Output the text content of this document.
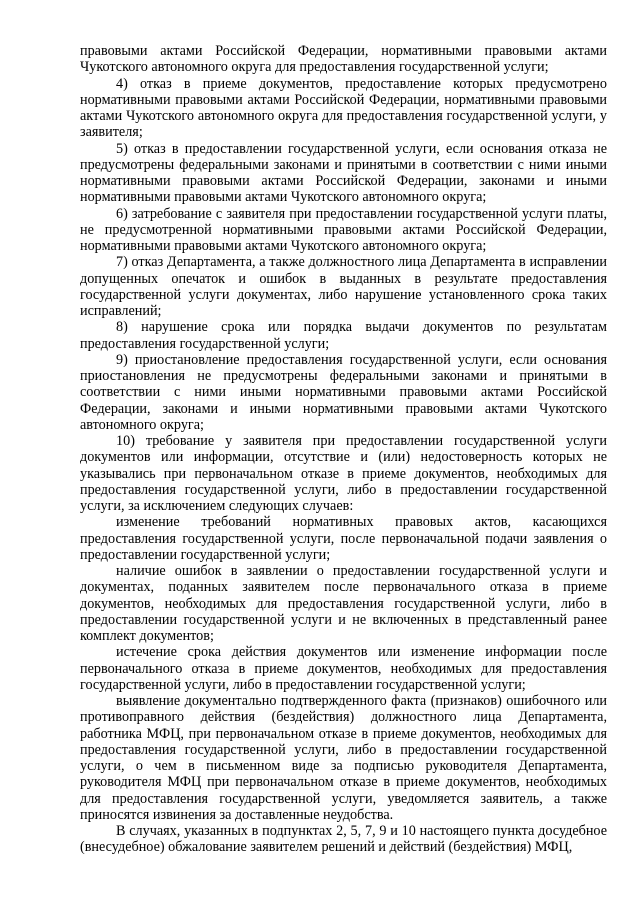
правовыми актами Российской Федерации, нормативными правовыми актами Чукотского автономного округа для предоставления государственной услуги;

4) отказ в приеме документов, предоставление которых предусмотрено нормативными правовыми актами Российской Федерации, нормативными правовыми актами Чукотского автономного округа для предоставления государственной услуги, у заявителя;

5) отказ в предоставлении государственной услуги, если основания отказа не предусмотрены федеральными законами и принятыми в соответствии с ними иными нормативными правовыми актами Российской Федерации, законами и иными нормативными правовыми актами Чукотского автономного округа;

6) затребование с заявителя при предоставлении государственной услуги платы, не предусмотренной нормативными правовыми актами Российской Федерации, нормативными правовыми актами Чукотского автономного округа;

7) отказ Департамента, а также должностного лица Департамента в исправлении допущенных опечаток и ошибок в выданных в результате предоставления государственной услуги документах, либо нарушение установленного срока таких исправлений;

8) нарушение срока или порядка выдачи документов по результатам предоставления государственной услуги;

9) приостановление предоставления государственной услуги, если основания приостановления не предусмотрены федеральными законами и принятыми в соответствии с ними иными нормативными правовыми актами Российской Федерации, законами и иными нормативными правовыми актами Чукотского автономного округа;

10) требование у заявителя при предоставлении государственной услуги документов или информации, отсутствие и (или) недостоверность которых не указывались при первоначальном отказе в приеме документов, необходимых для предоставления государственной услуги, либо в предоставлении государственной услуги, за исключением следующих случаев:

изменение требований нормативных правовых актов, касающихся предоставления государственной услуги, после первоначальной подачи заявления о предоставлении государственной услуги;

наличие ошибок в заявлении о предоставлении государственной услуги и документах, поданных заявителем после первоначального отказа в приеме документов, необходимых для предоставления государственной услуги, либо в предоставлении государственной услуги и не включенных в представленный ранее комплект документов;

истечение срока действия документов или изменение информации после первоначального отказа в приеме документов, необходимых для предоставления государственной услуги, либо в предоставлении государственной услуги;

выявление документально подтвержденного факта (признаков) ошибочного или противоправного действия (бездействия) должностного лица Департамента, работника МФЦ, при первоначальном отказе в приеме документов, необходимых для предоставления государственной услуги, либо в предоставлении государственной услуги, о чем в письменном виде за подписью руководителя Департамента, руководителя МФЦ при первоначальном отказе в приеме документов, необходимых для предоставления государственной услуги, уведомляется заявитель, а также приносятся извинения за доставленные неудобства.

В случаях, указанных в подпунктах 2, 5, 7, 9 и 10 настоящего пункта досудебное (внесудебное) обжалование заявителем решений и действий (бездействия) МФЦ,
